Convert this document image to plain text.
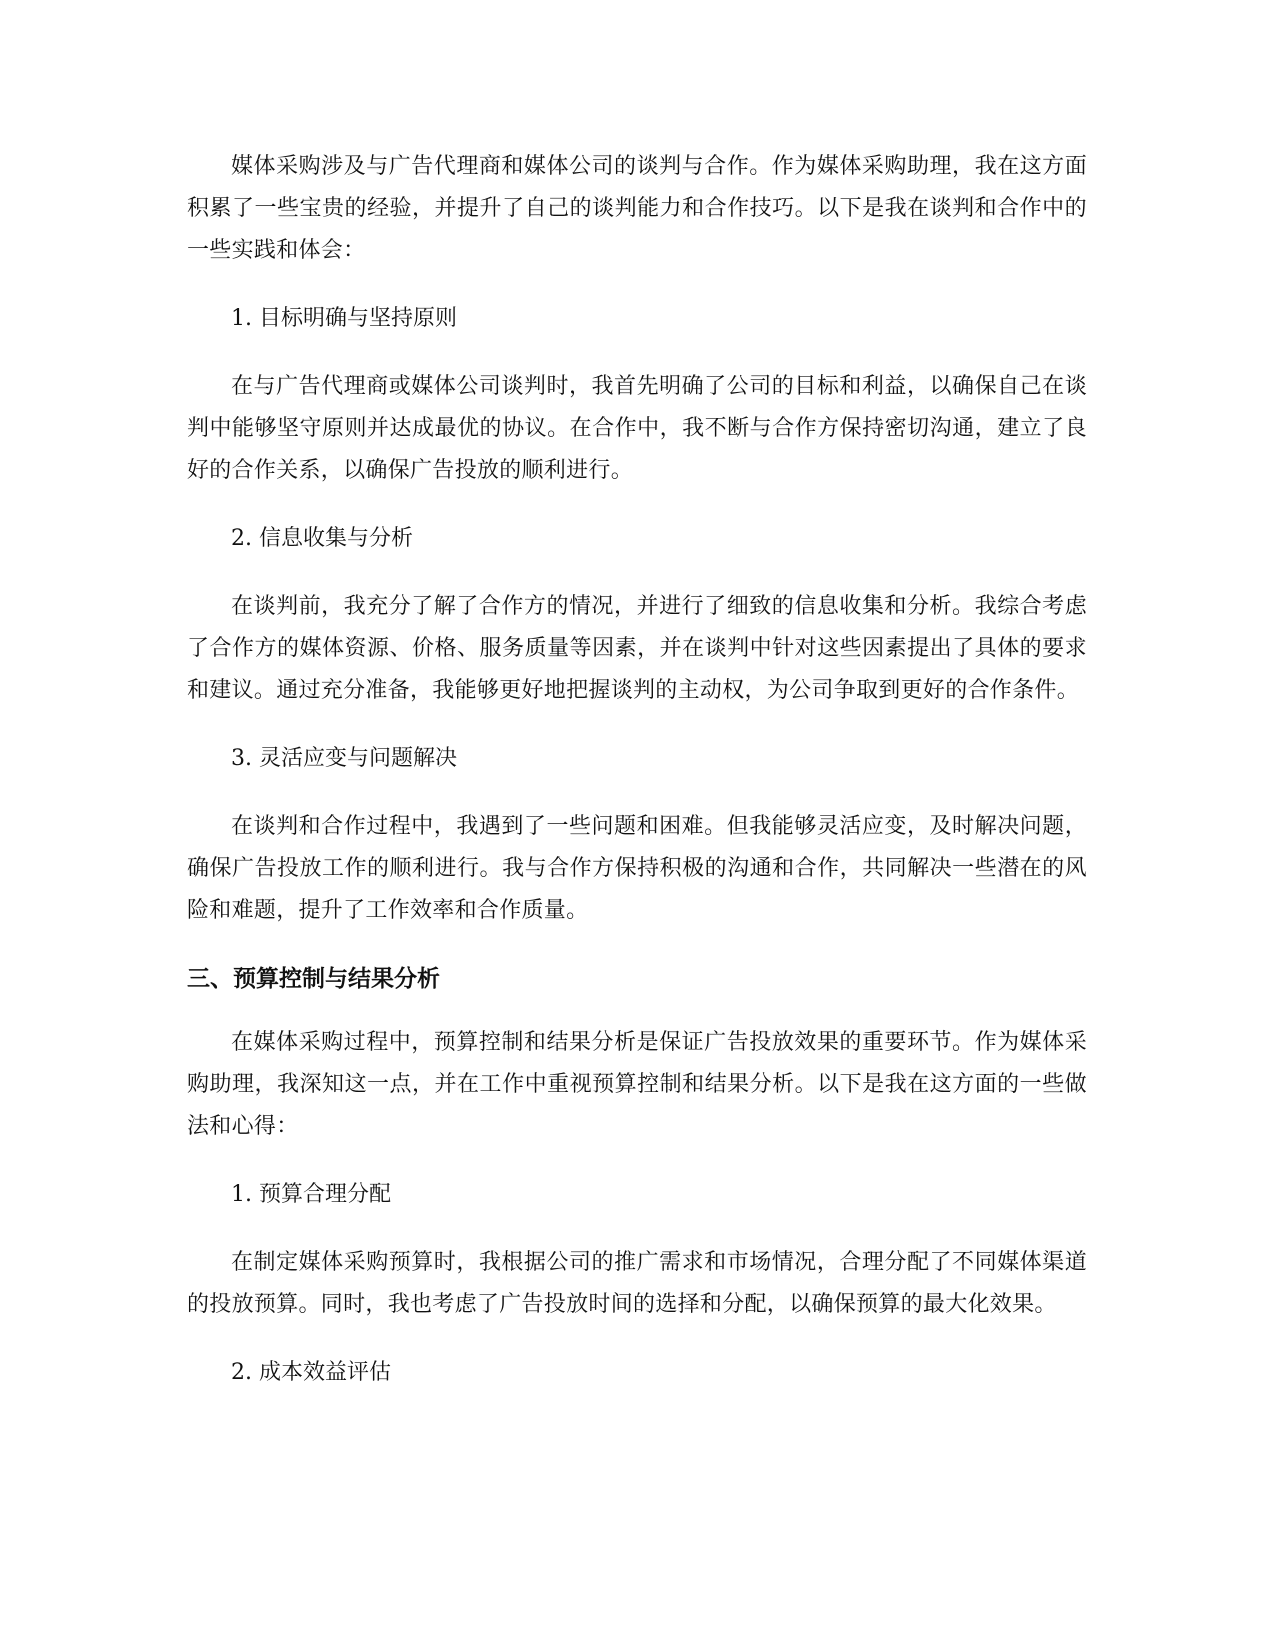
媒体采购涉及与广告代理商和媒体公司的谈判与合作。作为媒体采购助理，我在这方面积累了一些宝贵的经验，并提升了自己的谈判能力和合作技巧。以下是我在谈判和合作中的一些实践和体会：

1. 目标明确与坚持原则

在与广告代理商或媒体公司谈判时，我首先明确了公司的目标和利益，以确保自己在谈判中能够坚守原则并达成最优的协议。在合作中，我不断与合作方保持密切沟通，建立了良好的合作关系，以确保广告投放的顺利进行。

2. 信息收集与分析

在谈判前，我充分了解了合作方的情况，并进行了细致的信息收集和分析。我综合考虑了合作方的媒体资源、价格、服务质量等因素，并在谈判中针对这些因素提出了具体的要求和建议。通过充分准备，我能够更好地把握谈判的主动权，为公司争取到更好的合作条件。

3. 灵活应变与问题解决

在谈判和合作过程中，我遇到了一些问题和困难。但我能够灵活应变，及时解决问题，确保广告投放工作的顺利进行。我与合作方保持积极的沟通和合作，共同解决一些潜在的风险和难题，提升了工作效率和合作质量。

三、预算控制与结果分析

在媒体采购过程中，预算控制和结果分析是保证广告投放效果的重要环节。作为媒体采购助理，我深知这一点，并在工作中重视预算控制和结果分析。以下是我在这方面的一些做法和心得：

1. 预算合理分配

在制定媒体采购预算时，我根据公司的推广需求和市场情况，合理分配了不同媒体渠道的投放预算。同时，我也考虑了广告投放时间的选择和分配，以确保预算的最大化效果。

2. 成本效益评估
